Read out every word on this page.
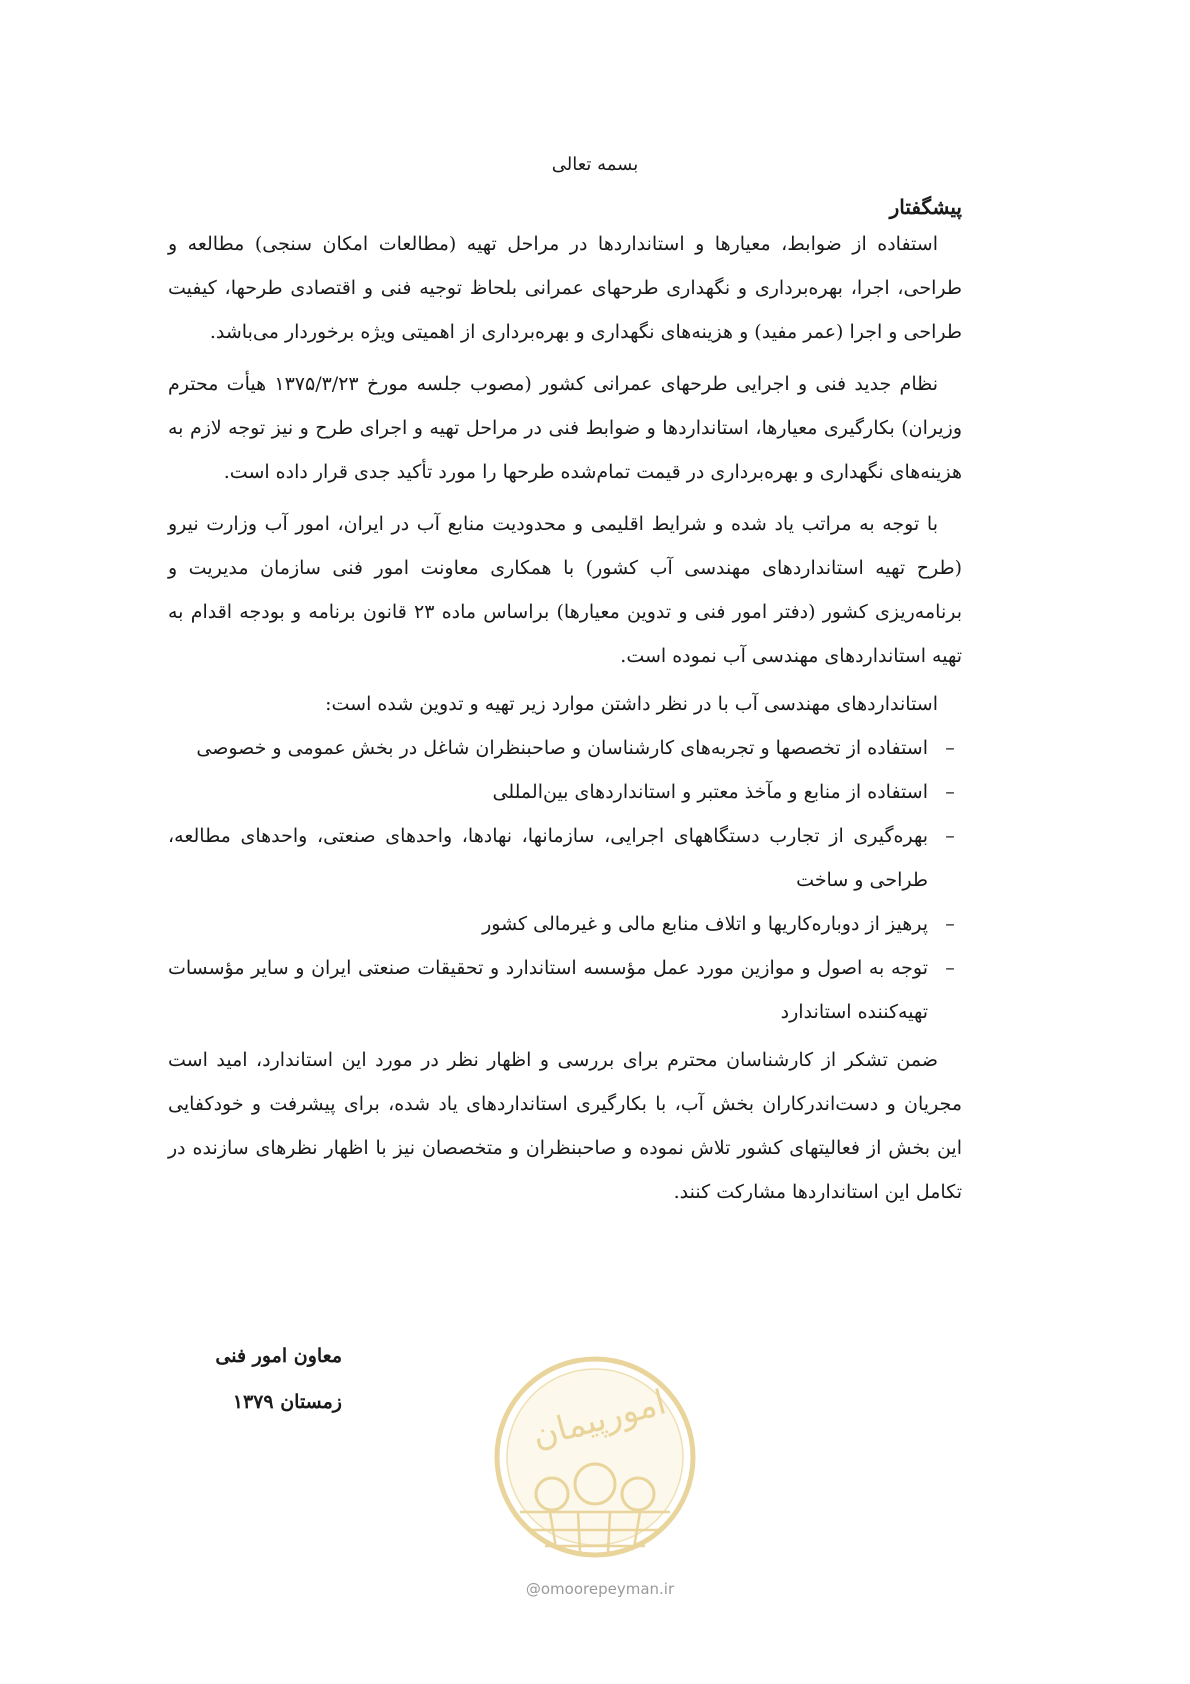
بسمه تعالی
پیشگفتار

استفاده از ضوابط، معیارها و استانداردها در مراحل تهیه (مطالعات امکان سنجی) مطالعه و طراحی، اجرا، بهره‌برداری و نگهداری طرحهای عمرانی بلحاظ توجیه فنی و اقتصادی طرحها، کیفیت طراحی و اجرا (عمر مفید) و هزینه‌های نگهداری و بهره‌برداری از اهمیتی ویژه برخوردار می‌باشد.

نظام جدید فنی و اجرایی طرحهای عمرانی کشور (مصوب جلسه مورخ ۱۳۷۵/۳/۲۳ هیأت محترم وزیران) بکارگیری معیارها، استانداردها و ضوابط فنی در مراحل تهیه و اجرای طرح و نیز توجه لازم به هزینه‌های نگهداری و بهره‌برداری در قیمت تمام‌شده طرحها را مورد تأکید جدی قرار داده است.

با توجه به مراتب یاد شده و شرایط اقلیمی و محدودیت منابع آب در ایران، امور آب وزارت نیرو (طرح تهیه استانداردهای مهندسی آب کشور) با همکاری معاونت امور فنی سازمان مدیریت و برنامه‌ریزی کشور (دفتر امور فنی و تدوین معیارها) براساس ماده ۲۳ قانون برنامه و بودجه اقدام به تهیه استانداردهای مهندسی آب نموده است.

استانداردهای مهندسی آب با در نظر داشتن موارد زیر تهیه و تدوین شده است:

–
استفاده از تخصصها و تجربه‌های کارشناسان و صاحبنظران شاغل در بخش عمومی و خصوصی
–
استفاده از منابع و مآخذ معتبر و استانداردهای بین‌المللی
–
بهره‌گیری از تجارب دستگاههای اجرایی، سازمانها، نهادها، واحدهای صنعتی، واحدهای مطالعه، طراحی و ساخت
–
پرهیز از دوباره‌کاریها و اتلاف منابع مالی و غیرمالی کشور
–
توجه به اصول و موازین مورد عمل مؤسسه استاندارد و تحقیقات صنعتی ایران و سایر مؤسسات تهیه‌کننده استاندارد

ضمن تشکر از کارشناسان محترم برای بررسی و اظهار نظر در مورد این استاندارد، امید است مجریان و دست‌اندرکاران بخش آب، با بکارگیری استانداردهای یاد شده، برای پیشرفت و خودکفایی این بخش از فعالیتهای کشور تلاش نموده و صاحبنظران و متخصصان نیز با اظهار نظرهای سازنده در تکامل این استانداردها مشارکت کنند.

معاون امور فنی
زمستان ۱۳۷۹	امورپیمان
@omoorepeyman.ir
